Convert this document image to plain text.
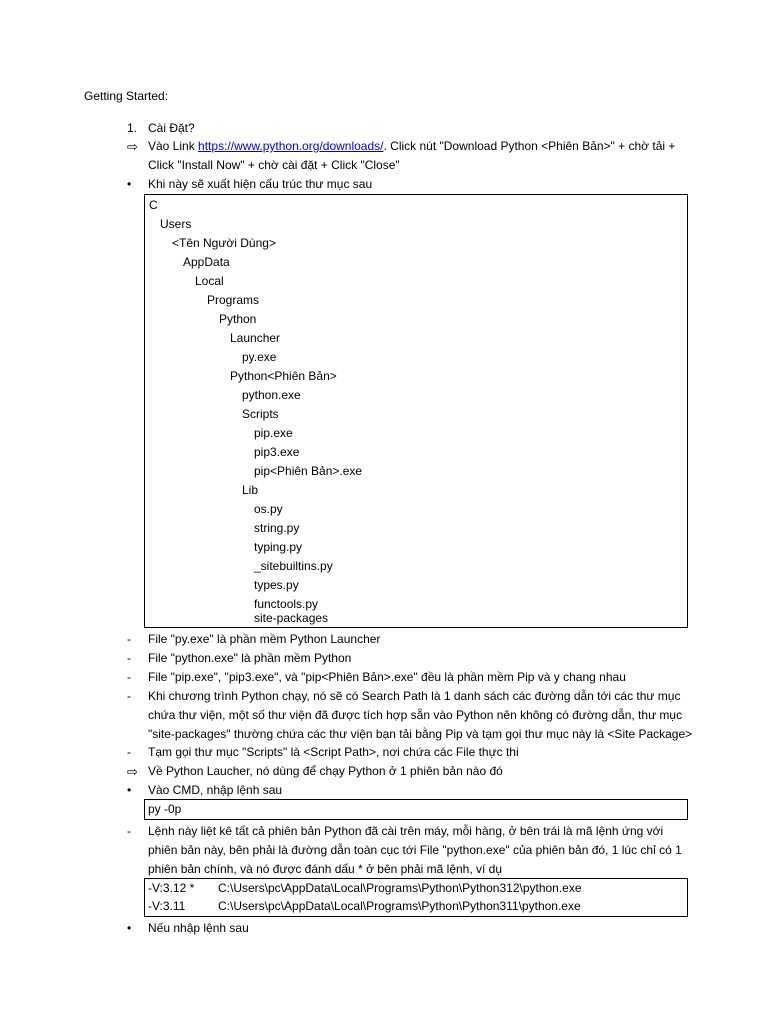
Getting Started:
1. Cài Đặt?
⇨ Vào Link https://www.python.org/downloads/. Click nút "Download Python <Phiên Bản>" + chờ tải +
Click "Install Now" + chờ cài đặt + Click "Close"
•	Khi này sẽ xuất hiện cấu trúc thư mục sau
C
Users
<Tên Người Dùng>
AppData
Local
Programs
Python
Launcher
py.exe
Python<Phiên Bản>
python.exe
Scripts
pip.exe
pip3.exe
pip<Phiên Bản>.exe
Lib
os.py
string.py
typing.py
_sitebuiltins.py
types.py
functools.py
site-packages
-	File "py.exe" là phần mềm Python Launcher
-	File "python.exe" là phần mềm Python
-	File "pip.exe", "pip3.exe", và "pip<Phiên Bản>.exe" đều là phần mềm Pip và y chang nhau
-	Khi chương trình Python chạy, nó sẽ có Search Path là 1 danh sách các đường dẫn tới các thư mục
chứa thư viện, một số thư viện đã được tích hợp sẵn vào Python nên không có đường dẫn, thư mục
"site-packages" thường chứa các thư viện bạn tải bằng Pip và tạm gọi thư mục này là <Site Package>
-	Tạm gọi thư mục "Scripts" là <Script Path>, nơi chứa các File thực thi
⇨ Về Python Laucher, nó dùng để chạy Python ở 1 phiên bản nào đó
•	Vào CMD, nhập lệnh sau
py -0p
-	Lệnh này liệt kê tất cả phiên bản Python đã cài trên máy, mỗi hàng, ở bên trái là mã lệnh ứng với
phiên bản này, bên phải là đường dẫn toàn cục tới File "python.exe" của phiên bản đó, 1 lúc chỉ có 1
phiên bản chính, và nó được đánh dấu * ở bên phải mã lệnh, ví dụ
-V:3.12 * C:\Users\pc\AppData\Local\Programs\Python\Python312\python.exe
-V:3.11	C:\Users\pc\AppData\Local\Programs\Python\Python311\python.exe
•	Nếu nhập lệnh sau
